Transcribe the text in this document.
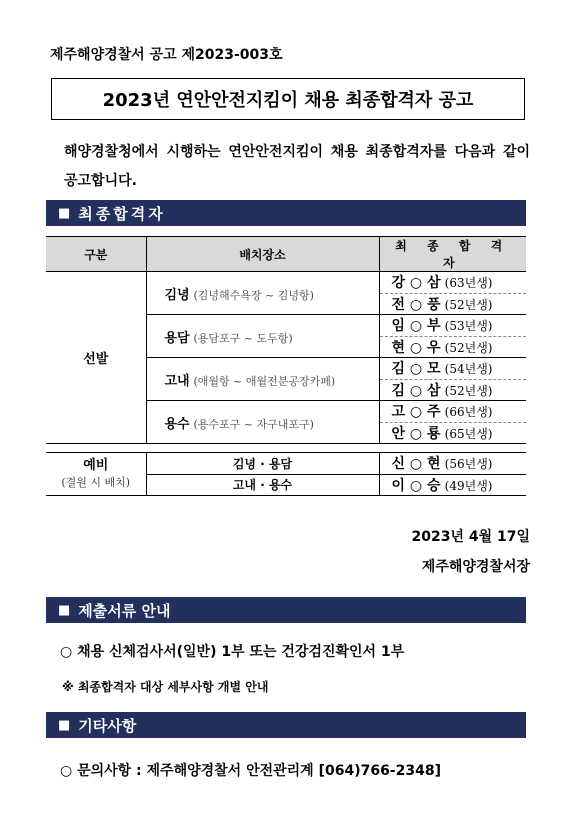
제주해양경찰서 공고 제2023-003호
2023년 연안안전지킴이 채용 최종합격자 공고
해양경찰청에서 시행하는 연안안전지킴이 채용 최종합격자를 다음과 같이 공고합니다.
■ 최종합격자
구분	배치장소	최 종 합 격 자
선발	김녕 (김녕해수욕장 ~ 김녕항)	강 ○ 삼 (63년생)
		전 ○ 풍 (52년생)
	용담 (용담포구 ~ 도두항)	임 ○ 부 (53년생)
		현 ○ 우 (52년생)
	고내 (애월항 ~ 애월전분공장카페)	김 ○ 모 (54년생)
		김 ○ 삼 (52년생)
	용수 (용수포구 ~ 자구내포구)	고 ○ 주 (66년생)
		안 ○ 룡 (65년생)
예비
(결원 시 배치)	김녕 · 용담	신 ○ 현 (56년생)
	고내 · 용수	이 ○ 승 (49년생)
2023년 4월 17일
제주해양경찰서장
■ 제출서류 안내
○ 채용 신체검사서(일반) 1부 또는 건강검진확인서 1부
※ 최종합격자 대상 세부사항 개별 안내
■ 기타사항
○ 문의사항 : 제주해양경찰서 안전관리계 [064)766-2348]
